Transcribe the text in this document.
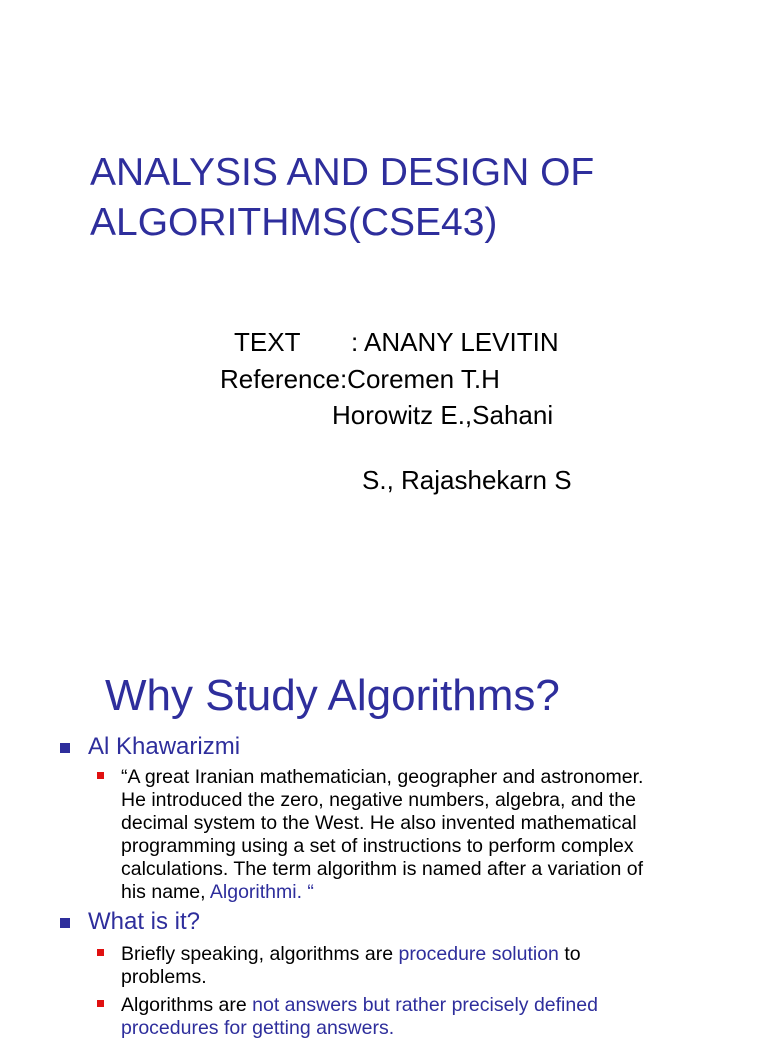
ANALYSIS AND DESIGN OF
ALGORITHMS(CSE43)

TEXT : ANANY LEVITIN

Reference:Coremen T.H

Horowitz E.,Sahani

S., Rajashekarn S

Why Study Algorithms?
Al Khawarizmi
“A great Iranian mathematician, geographer and astronomer.
He introduced the zero, negative numbers, algebra, and the
decimal system to the West. He also invented mathematical
programming using a set of instructions to perform complex
calculations. The term algorithm is named after a variation of
his name, Algorithmi. “
What is it?
Briefly speaking, algorithms are procedure solution to
problems.
Algorithms are not answers but rather precisely defined
procedures for getting answers.
